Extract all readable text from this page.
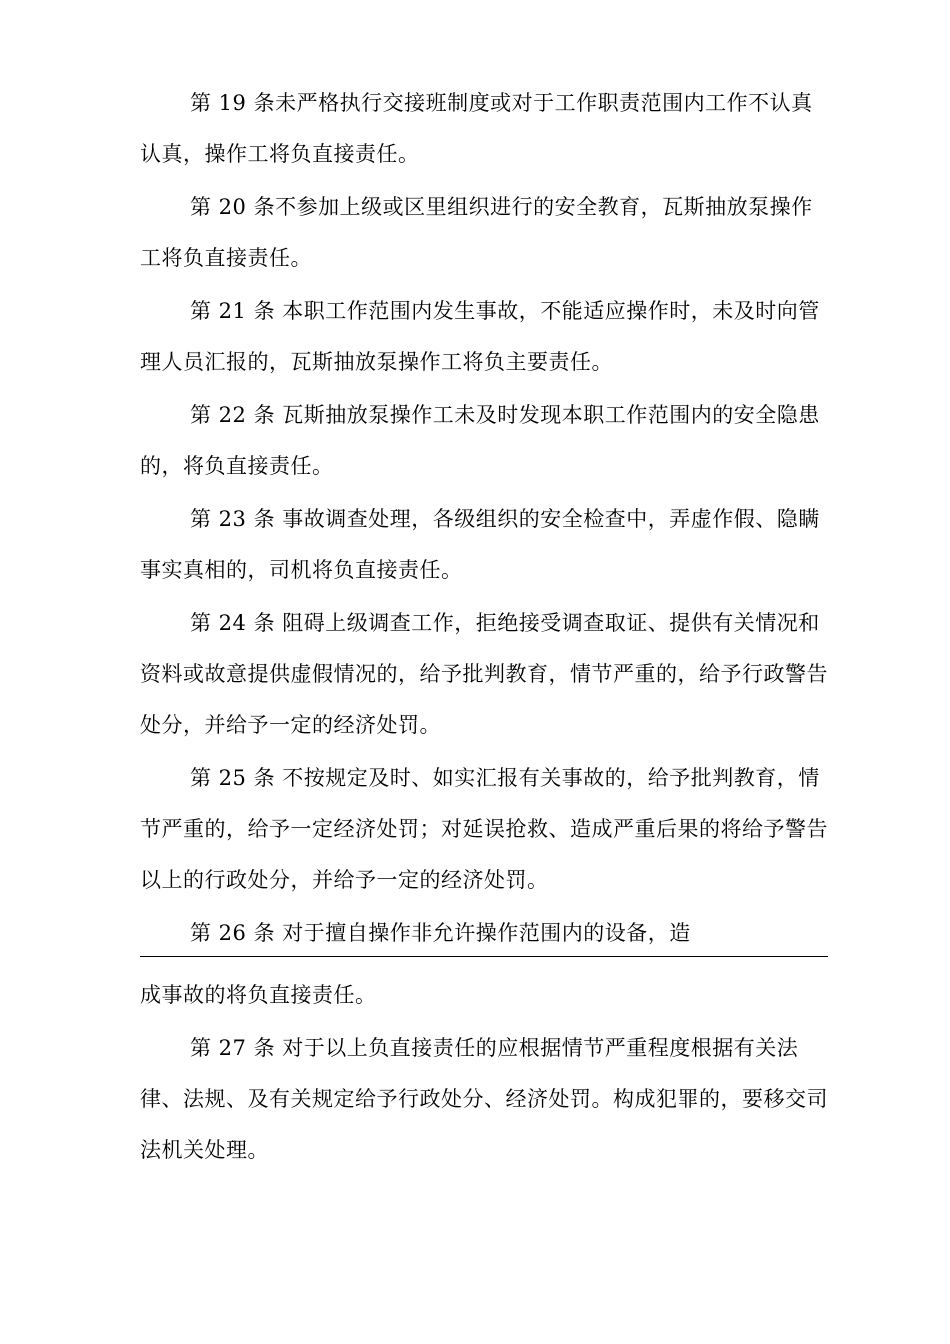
第 19 条未严格执行交接班制度或对于工作职责范围内工作不认真认真，操作工将负直接责任。

第 20 条不参加上级或区里组织进行的安全教育，瓦斯抽放泵操作工将负直接责任。

第 21 条 本职工作范围内发生事故，不能适应操作时，未及时向管理人员汇报的，瓦斯抽放泵操作工将负主要责任。

第 22 条 瓦斯抽放泵操作工未及时发现本职工作范围内的安全隐患的，将负直接责任。

第 23 条 事故调查处理，各级组织的安全检查中，弄虚作假、隐瞒事实真相的，司机将负直接责任。

第 24 条 阻碍上级调查工作，拒绝接受调查取证、提供有关情况和资料或故意提供虚假情况的，给予批判教育，情节严重的，给予行政警告处分，并给予一定的经济处罚。

第 25 条 不按规定及时、如实汇报有关事故的，给予批判教育，情节严重的，给予一定经济处罚；对延误抢救、造成严重后果的将给予警告以上的行政处分，并给予一定的经济处罚。

第 26 条 对于擅自操作非允许操作范围内的设备，造

成事故的将负直接责任。

第 27 条 对于以上负直接责任的应根据情节严重程度根据有关法律、法规、及有关规定给予行政处分、经济处罚。构成犯罪的，要移交司法机关处理。
